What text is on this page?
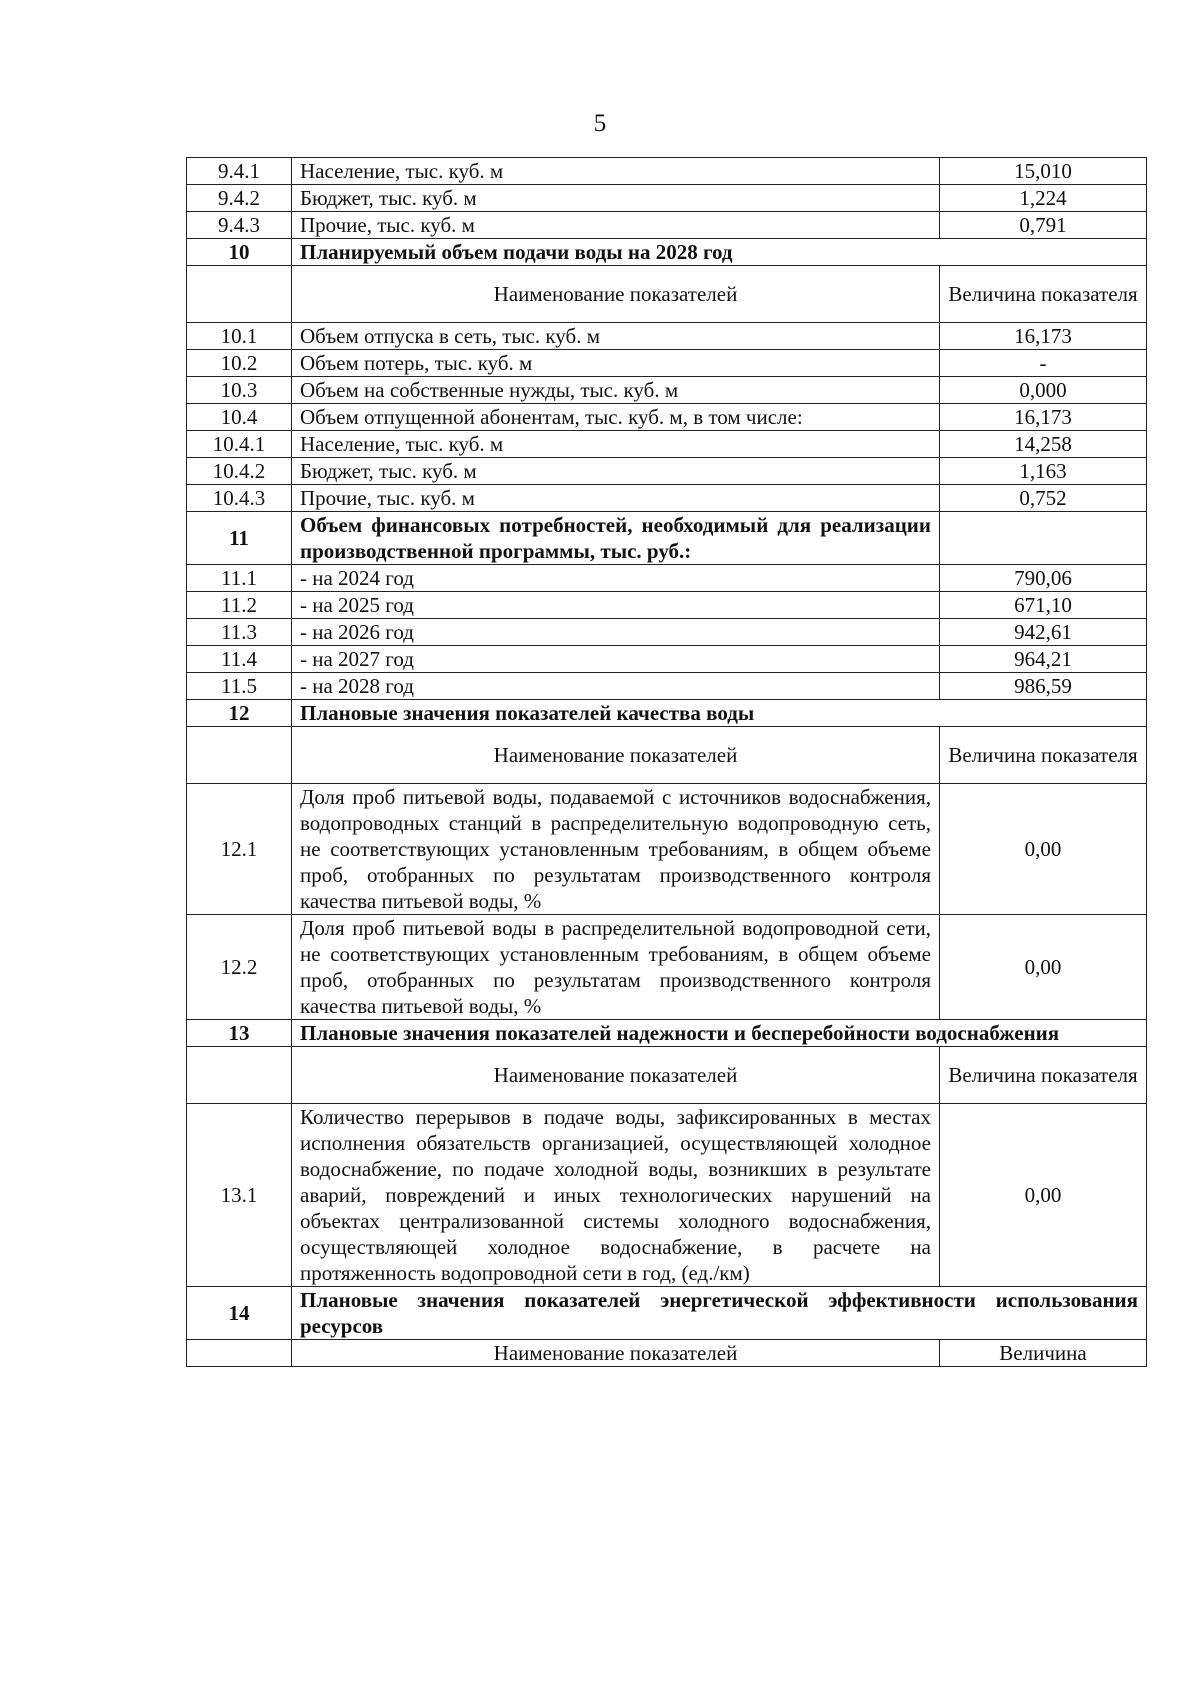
5
9.4.1	Население, тыс. куб. м	15,010
9.4.2	Бюджет, тыс. куб. м	1,224
9.4.3	Прочие, тыс. куб. м	0,791
10	Планируемый объем подачи воды на 2028 год	
	Наименование показателей	Величина показателя
10.1	Объем отпуска в сеть, тыс. куб. м	16,173
10.2	Объем потерь, тыс. куб. м	-
10.3	Объем на собственные нужды, тыс. куб. м	0,000
10.4	Объем отпущенной абонентам, тыс. куб. м, в том числе:	16,173
10.4.1	Население, тыс. куб. м	14,258
10.4.2	Бюджет, тыс. куб. м	1,163
10.4.3	Прочие, тыс. куб. м	0,752
11	Объем финансовых потребностей, необходимый для реализации производственной программы, тыс. руб.:	
11.1	- на 2024 год	790,06
11.2	- на 2025 год	671,10
11.3	- на 2026 год	942,61
11.4	- на 2027 год	964,21
11.5	- на 2028 год	986,59
12	Плановые значения показателей качества воды	
	Наименование показателей	Величина показателя
12.1	Доля проб питьевой воды, подаваемой с источников водоснабжения, водопроводных станций в распределительную водопроводную сеть, не соответствующих установленным требованиям, в общем объеме проб, отобранных по результатам производственного контроля качества питьевой воды, %	0,00
12.2	Доля проб питьевой воды в распределительной водопроводной сети, не соответствующих установленным требованиям, в общем объеме проб, отобранных по результатам производственного контроля качества питьевой воды, %	0,00
13	Плановые значения показателей надежности и бесперебойности водоснабжения	
	Наименование показателей	Величина показателя
13.1	Количество перерывов в подаче воды, зафиксированных в местах исполнения обязательств организацией, осуществляющей холодное водоснабжение, по подаче холодной воды, возникших в результате аварий, повреждений и иных технологических нарушений на объектах централизованной системы холодного водоснабжения, осуществляющей холодное водоснабжение, в расчете на протяженность водопроводной сети в год, (ед./км)	0,00
14	Плановые значения показателей энергетической эффективности использования ресурсов	
	Наименование показателей	Величина
